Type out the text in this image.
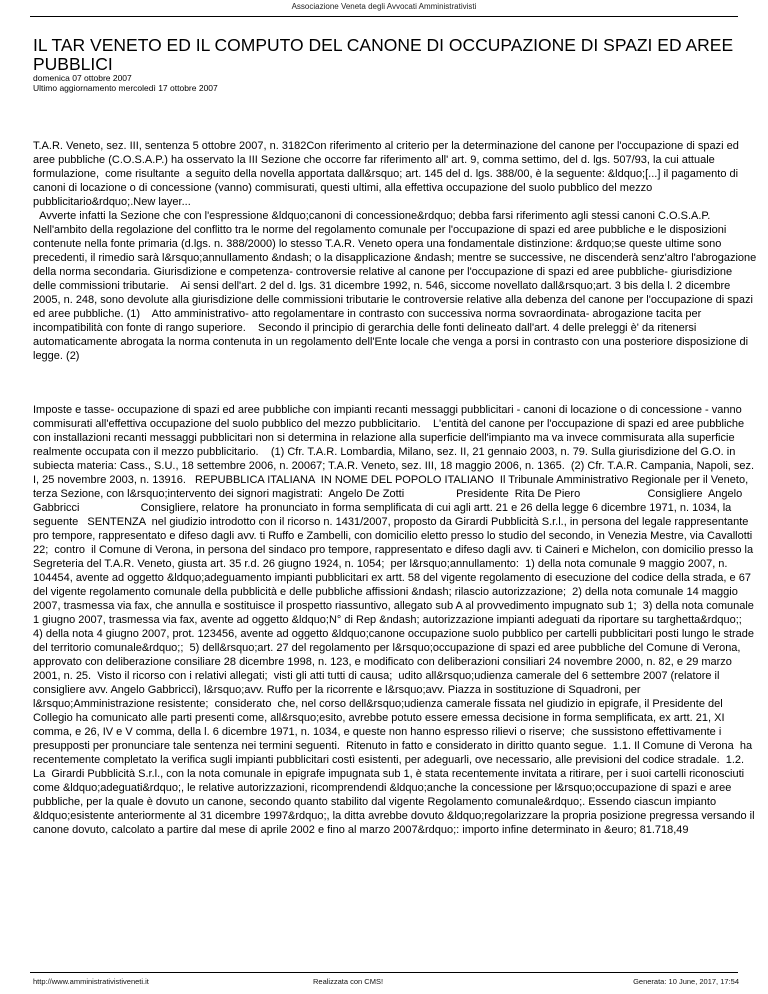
Associazione Veneta degli Avvocati Amministrativisti
IL TAR VENETO ED IL COMPUTO DEL CANONE DI OCCUPAZIONE DI SPAZI ED AREE PUBBLICI
domenica 07 ottobre 2007
Ultimo aggiornamento mercoledì 17 ottobre 2007
T.A.R. Veneto, sez. III, sentenza 5 ottobre 2007, n. 3182Con riferimento al criterio per la determinazione del canone per l'occupazione di spazi ed aree pubbliche (C.O.S.A.P.) ha osservato la III Sezione che occorre far riferimento all' art. 9, comma settimo, del d. lgs. 507/93, la cui attuale formulazione,  come risultante  a seguito della novella apportata dall&rsquo; art. 145 del d. lgs. 388/00, è la seguente: &ldquo;[...] il pagamento di canoni di locazione o di concessione (vanno) commisurati, questi ultimi, alla effettiva occupazione del suolo pubblico del mezzo pubblicitario&rdquo;.New layer...
Avverte infatti la Sezione che con l'espressione &ldquo;canoni di concessione&rdquo; debba farsi riferimento agli stessi canoni C.O.S.A.P. Nell'ambito della regolazione del conflitto tra le norme del regolamento comunale per l'occupazione di spazi ed aree pubbliche e le disposizioni contenute nella fonte primaria (d.lgs. n. 388/2000) lo stesso T.A.R. Veneto opera una fondamentale distinzione: &rdquo;se queste ultime sono precedenti, il rimedio sarà l&rsquo;annullamento &ndash; o la disapplicazione &ndash; mentre se successive, ne discenderà senz'altro l'abrogazione della norma secondaria. Giurisdizione e competenza- controversie relative al canone per l'occupazione di spazi ed aree pubbliche- giurisdizione delle commissioni tributarie.    Ai sensi dell'art. 2 del d. lgs. 31 dicembre 1992, n. 546, siccome novellato dall&rsquo;art. 3 bis della l. 2 dicembre 2005, n. 248, sono devolute alla giurisdizione delle commissioni tributarie le controversie relative alla debenza del canone per l'occupazione di spazi ed aree pubbliche. (1)    Atto amministrativo- atto regolamentare in contrasto con successiva norma sovraordinata- abrogazione tacita per incompatibilità con fonte di rango superiore.    Secondo il principio di gerarchia delle fonti delineato dall'art. 4 delle preleggi è' da ritenersi automaticamente abrogata la norma contenuta in un regolamento dell'Ente locale che venga a porsi in contrasto con una posteriore disposizione di legge. (2)
Imposte e tasse- occupazione di spazi ed aree pubbliche con impianti recanti messaggi pubblicitari - canoni di locazione o di concessione - vanno commisurati all'effettiva occupazione del suolo pubblico del mezzo pubblicitario.    L'entità del canone per l'occupazione di spazi ed aree pubbliche con installazioni recanti messaggi pubblicitari non si determina in relazione alla superficie dell'impianto ma va invece commisurata alla superficie realmente occupata con il mezzo pubblicitario.    (1) Cfr. T.A.R. Lombardia, Milano, sez. II, 21 gennaio 2003, n. 79. Sulla giurisdizione del G.O. in subiecta materia: Cass., S.U., 18 settembre 2006, n. 20067; T.A.R. Veneto, sez. III, 18 maggio 2006, n. 1365.  (2) Cfr. T.A.R. Campania, Napoli, sez. I, 25 novembre 2003, n. 13916.   REPUBBLICA ITALIANA  IN NOME DEL POPOLO ITALIANO  Il Tribunale Amministrativo Regionale per il Veneto, terza Sezione, con l&rsquo;intervento dei signori magistrati:  Angelo De Zotti                 Presidente  Rita De Piero                      Consigliere  Angelo Gabbricci                    Consigliere, relatore  ha pronunciato in forma semplificata di cui agli artt. 21 e 26 della legge 6 dicembre 1971, n. 1034, la seguente   SENTENZA  nel giudizio introdotto con il ricorso n. 1431/2007, proposto da Girardi Pubblicità S.r.l., in persona del legale rappresentante pro tempore, rappresentato e difeso dagli avv. ti Ruffo e Zambelli, con domicilio eletto presso lo studio del secondo, in Venezia Mestre, via Cavallotti 22;  contro  il Comune di Verona, in persona del sindaco pro tempore, rappresentato e difeso dagli avv. ti Caineri e Michelon, con domicilio presso la Segreteria del T.A.R. Veneto, giusta art. 35 r.d. 26 giugno 1924, n. 1054;  per l&rsquo;annullamento:  1) della nota comunale 9 maggio 2007, n. 104454, avente ad oggetto &ldquo;adeguamento impianti pubblicitari ex artt. 58 del vigente regolamento di esecuzione del codice della strada, e 67 del vigente regolamento comunale della pubblicità e delle pubbliche affissioni &ndash; rilascio autorizzazione;  2) della nota comunale 14 maggio 2007, trasmessa via fax, che annulla e sostituisce il prospetto riassuntivo, allegato sub A al provvedimento impugnato sub 1;  3) della nota comunale 1 giugno 2007, trasmessa via fax, avente ad oggetto &ldquo;N° di Rep &ndash; autorizzazione impianti adeguati da riportare su targhetta&rdquo;;  4) della nota 4 giugno 2007, prot. 123456, avente ad oggetto &ldquo;canone occupazione suolo pubblico per cartelli pubblicitari posti lungo le strade del territorio comunale&rdquo;;  5) dell&rsquo;art. 27 del regolamento per l&rsquo;occupazione di spazi ed aree pubbliche del Comune di Verona, approvato con deliberazione consiliare 28 dicembre 1998, n. 123, e modificato con deliberazioni consiliari 24 novembre 2000, n. 82, e 29 marzo 2001, n. 25.  Visto il ricorso con i relativi allegati;  visti gli atti tutti di causa;  udito all&rsquo;udienza camerale del 6 settembre 2007 (relatore il consigliere avv. Angelo Gabbricci), l&rsquo;avv. Ruffo per la ricorrente e l&rsquo;avv. Piazza in sostituzione di Squadroni, per l&rsquo;Amministrazione resistente;  considerato  che, nel corso dell&rsquo;udienza camerale fissata nel giudizio in epigrafe, il Presidente del Collegio ha comunicato alle parti presenti come, all&rsquo;esito, avrebbe potuto essere emessa decisione in forma semplificata, ex artt. 21, XI comma, e 26, IV e V comma, della l. 6 dicembre 1971, n. 1034, e queste non hanno espresso rilievi o riserve;  che sussistono effettivamente i presupposti per pronunciare tale sentenza nei termini seguenti.  Ritenuto in fatto e considerato in diritto quanto segue.  1.1. Il Comune di Verona  ha recentemente completato la verifica sugli impianti pubblicitari costì esistenti, per adeguarli, ove necessario, alle previsioni del codice stradale.  1.2. La  Girardi Pubblicità S.r.l., con la nota comunale in epigrafe impugnata sub 1, è stata recentemente invitata a ritirare, per i suoi cartelli riconosciuti come &ldquo;adeguati&rdquo;, le relative autorizzazioni, ricomprendendi &ldquo;anche la concessione per l&rsquo;occupazione di spazi e aree pubbliche, per la quale è dovuto un canone, secondo quanto stabilito dal vigente Regolamento comunale&rdquo;. Essendo ciascun impianto &ldquo;esistente anteriormente al 31 dicembre 1997&rdquo;, la ditta avrebbe dovuto &ldquo;regolarizzare la propria posizione pregressa versando il canone dovuto, calcolato a partire dal mese di aprile 2002 e fino al marzo 2007&rdquo;: importo infine determinato in &euro; 81.718,49
http://www.amministrativistiveneti.it	Realizzata con CMS!	Generata: 10 June, 2017, 17:54
